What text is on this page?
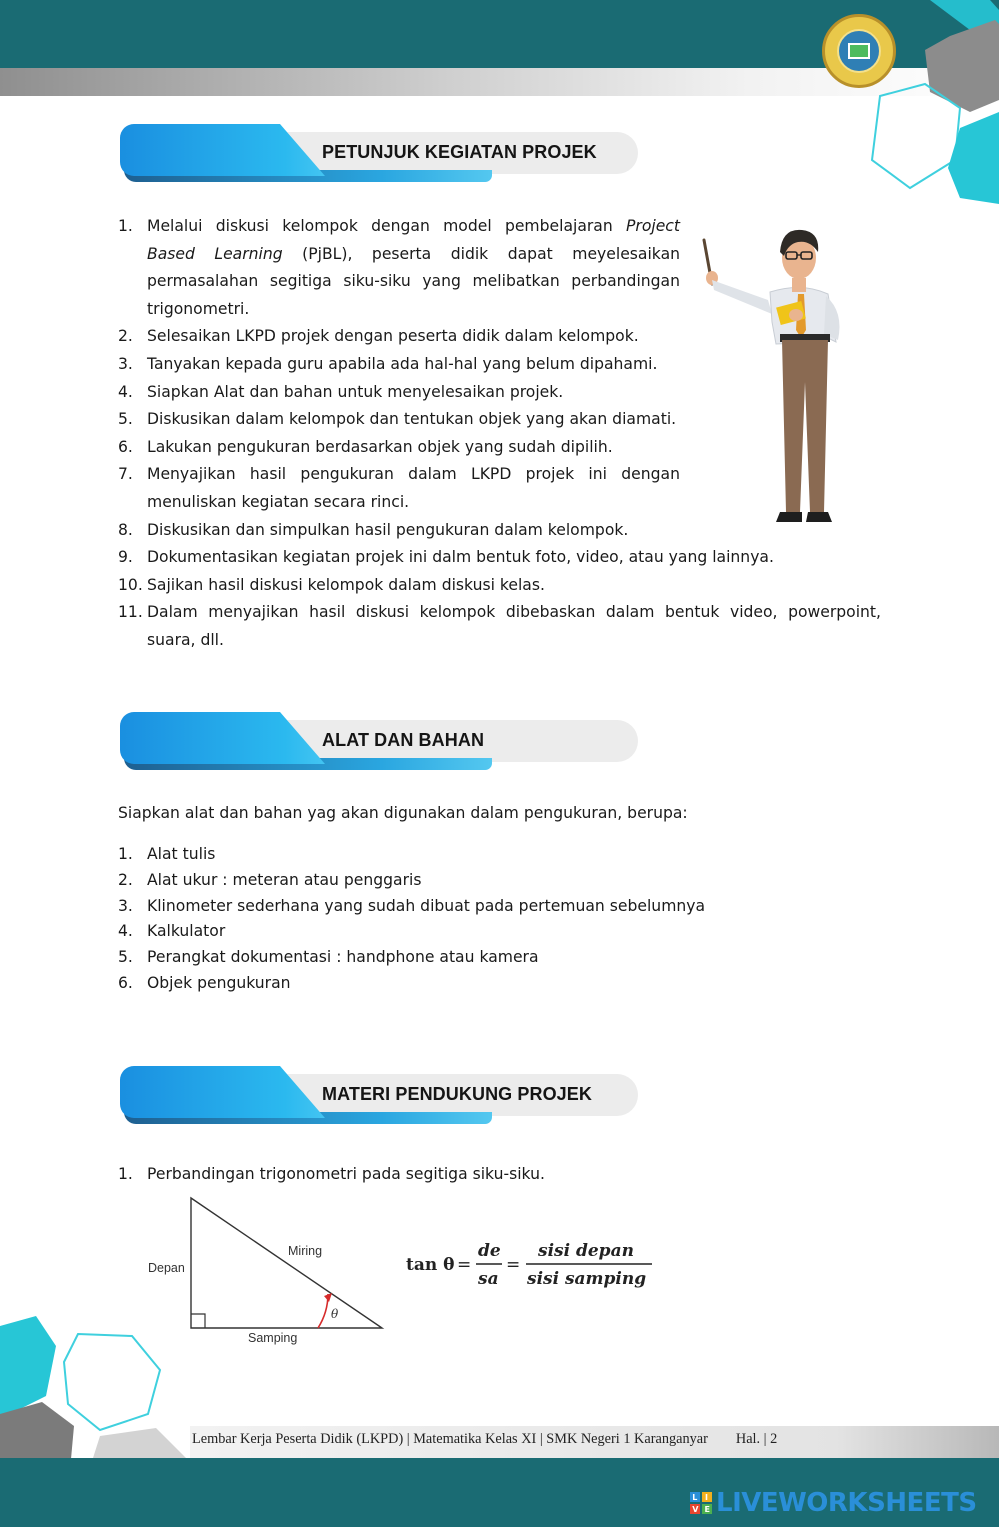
PETUNJUK KEGIATAN PROJEK
1. Melalui diskusi kelompok dengan model pembelajaran Project Based Learning (PjBL), peserta didik dapat meyelesaikan permasalahan segitiga siku-siku yang melibatkan perbandingan trigonometri.
2. Selesaikan LKPD projek dengan peserta didik dalam kelompok.
3. Tanyakan kepada guru apabila ada hal-hal yang belum dipahami.
4. Siapkan Alat dan bahan untuk menyelesaikan projek.
5. Diskusikan dalam kelompok dan tentukan objek yang akan diamati.
6. Lakukan pengukuran berdasarkan objek yang sudah dipilih.
7. Menyajikan hasil pengukuran dalam LKPD projek ini dengan menuliskan kegiatan secara rinci.
8. Diskusikan dan simpulkan hasil pengukuran dalam kelompok.
9. Dokumentasikan kegiatan projek ini dalm bentuk foto, video, atau yang lainnya.
10. Sajikan hasil diskusi kelompok dalam diskusi kelas.
11. Dalam menyajikan hasil diskusi kelompok dibebaskan dalam bentuk video, powerpoint, suara, dll.
ALAT DAN BAHAN
Siapkan alat dan bahan yag akan digunakan dalam pengukuran, berupa:
1. Alat tulis
2. Alat ukur : meteran atau penggaris
3. Klinometer sederhana yang sudah dibuat pada pertemuan sebelumnya
4. Kalkulator
5. Perangkat dokumentasi : handphone atau kamera
6. Objek pengukuran
MATERI PENDUKUNG PROJEK
1. Perbandingan trigonometri pada segitiga siku-siku.
θ
Depan
Miring
Samping
tan θ =
de
sa
=
sisi depan
sisi samping
Lembar Kerja Peserta Didik (LKPD) | Matematika Kelas XI | SMK Negeri 1 Karanganyar Hal. | 2
L I
V E LIVEWORKSHEETS
